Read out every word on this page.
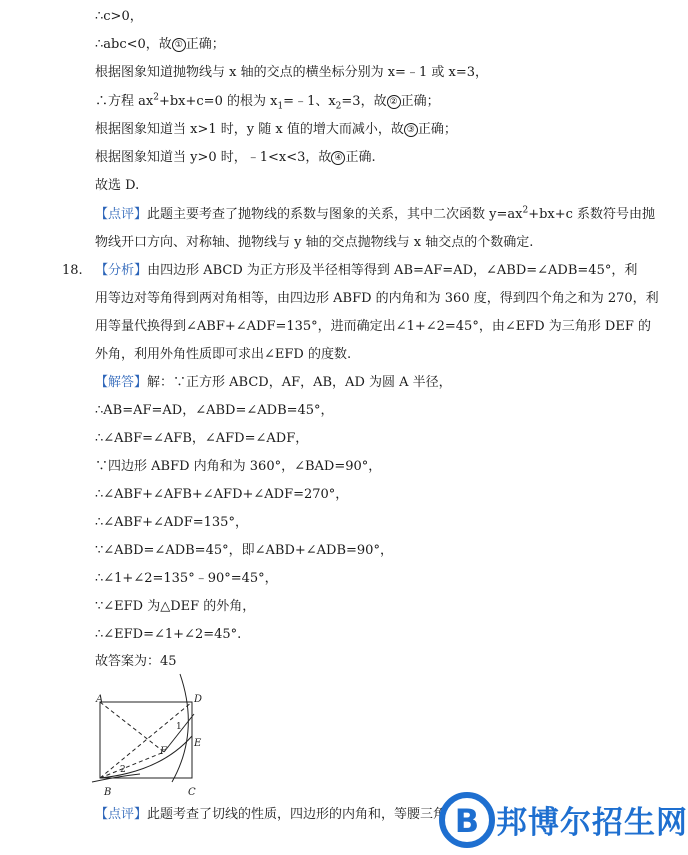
∴c>0，
∴abc<0，故 ① 正确；
根据图象知道抛物线与 x 轴的交点的横坐标分别为 x=﹣1 或 x=3，
∴方程 $ax^2+bx+c=0$ 的根为 $x_1=﹣1$、$x_2=3$，故 ② 正确；
根据图象知道当 x>1 时，y 随 x 值的增大而减小，故 ③ 正确；
根据图象知道当 y>0 时，﹣1<x<3，故 ④ 正确.
故选 D.
【点评】此题主要考查了抛物线的系数与图象的关系，其中二次函数 $y=ax^2+bx+c$ 系数符号由抛
物线开口方向、对称轴、抛物线与 y 轴的交点抛物线与 x 轴交点的个数确定.
18. 【分析】由四边形 ABCD 为正方形及半径相等得到 AB=AF=AD，∠ABD=∠ADB=45°，利
用等边对等角得到两对角相等，由四边形 ABFD 的内角和为 360 度，得到四个角之和为 270，利
用等量代换得到∠ABF+∠ADF=135°，进而确定出∠1+∠2=45°，由∠EFD 为三角形 DEF 的
外角，利用外角性质即可求出∠EFD 的度数.
【解答】解：∵正方形 ABCD，AF，AB，AD 为圆 A 半径，
∴AB=AF=AD，∠ABD=∠ADB=45°，
∴∠ABF=∠AFB，∠AFD=∠ADF，
∵四边形 ABFD 内角和为 360°，∠BAD=90°，
∴∠ABF+∠AFB+∠AFD+∠ADF=270°，
∴∠ABF+∠ADF=135°，
∵∠ABD=∠ADB=45°，即∠ABD+∠ADB=90°，
∴∠1+∠2=135°﹣90°=45°，
∵∠EFD 为△DEF 的外角，
∴∠EFD=∠1+∠2=45°.
故答案为：45
A	D
B	C
E
F
1
2
【点评】此题考查了切线的性质，四边形的内角和，等腰三角 B 邦博尔招生网
